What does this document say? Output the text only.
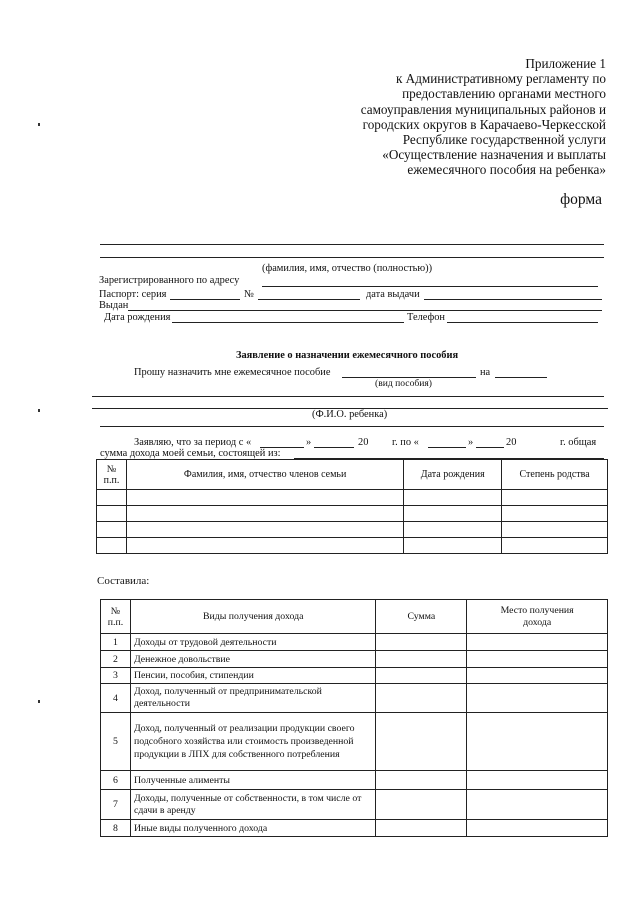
Приложение 1
к Административному регламенту по
предоставлению органами местного
самоуправления муниципальных районов и
городских округов в Карачаево-Черкесской
Республике государственной услуги
«Осуществление назначения и выплаты
ежемесячного пособия на ребенка»
форма
(фамилия, имя, отчество (полностью))
Зарегистрированного по адресу
Паспорт: серия	№	дата выдачи
Выдан
Дата рождения	Телефон
Заявление о назначении ежемесячного пособия
Прошу назначить мне ежемесячное пособие	на
(вид пособия)
(Ф.И.О. ребенка)
Заявляю, что за период с «	»	20 г. по «	»	20	г. общая
сумма дохода моей семьи, состоящей из:
№
п.п.	Фамилия, имя, отчество членов семьи	Дата рождения	Степень родства

Составила:
№
п.п.	Виды получения дохода	Сумма	Место получения
дохода
1	Доходы от трудовой деятельности		
2	Денежное довольствие		
3	Пенсии, пособия, стипендии		
4	Доход, полученный от предпринимательской деятельности		
5	Доход, полученный от реализации продукции своего подсобного хозяйства или стоимость произведенной продукции в ЛПХ для собственного потребления		
6	Полученные алименты		
7	Доходы, полученные от собственности, в том числе от сдачи в аренду		
8	Иные виды полученного дохода		
